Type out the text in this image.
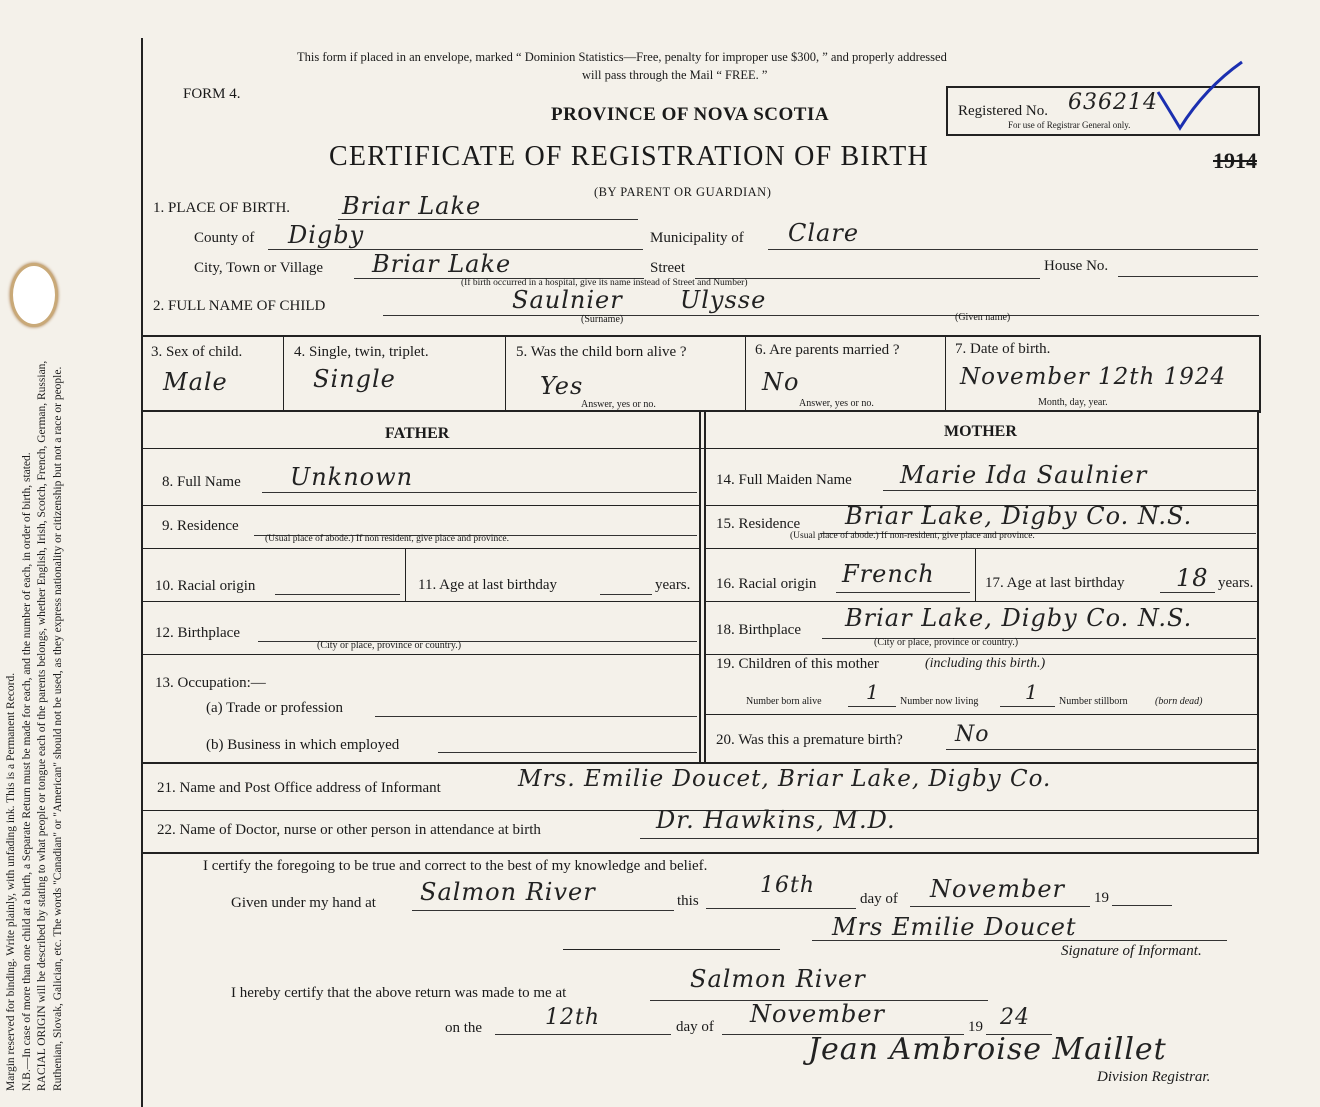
Margin reserved for binding. Write plainly, with unfading ink. This is a Permanent Record. N.B.—In case of more than one child at a birth, a Separate Return must be made for each, and the number of each, in order of birth, stated. RACIAL ORIGIN will be described by stating to what people or tongue each of the parents belongs, whether English, Irish, Scotch, French, German, Russian, Ruthenian, Slovak, Galician, etc. The words "Canadian" or "American" should not be used, as they express nationality or citizenship but not a race or people.
This form if placed in an envelope, marked “ Dominion Statistics—Free, penalty for improper use $300, ” and properly addressed
will pass through the Mail “ FREE. ”
FORM 4.
PROVINCE OF NOVA SCOTIA	Registered No. 636214
For use of Registrar General only.
CERTIFICATE OF REGISTRATION OF BIRTH	1914
(BY PARENT OR GUARDIAN)
1. PLACE OF BIRTH. Briar Lake
County of Digby	Municipality of Clare
City, Town or Village Briar Lake	Street	House No.
(If birth occurred in a hospital, give its name instead of Street and Number)
2. FULL NAME OF CHILD	Saulnier Ulysse
(Surname)	(Given name)
3. Sex of child.
Male
4. Single, twin, triplet.
Single
5. Was the child born alive ?
Yes
Answer, yes or no.
6. Are parents married ?
No
Answer, yes or no.
7. Date of birth.
November 12th 1924
Month, day, year.
FATHER	MOTHER
8. Full Name Unknown
9. Residence
(Usual place of abode.) If non resident, give place and province.
10. Racial origin	11. Age at last birthday	years.
12. Birthplace
(City or place, province or country.)
13. Occupation:—
(a) Trade or profession
(b) Business in which employed
14. Full Maiden Name Marie Ida Saulnier
15. Residence Briar Lake, Digby Co. N.S.
(Usual place of abode.) If non-resident, give place and province.
16. Racial origin French	17. Age at last birthday 18 years.
18. Birthplace Briar Lake, Digby Co. N.S.
(City or place, province or country.)
19. Children of this mother	(including this birth.)
Number born alive 1 Number now living 1 Number stillborn	(born dead)
20. Was this a premature birth? No
21. Name and Post Office address of Informant	Mrs. Emilie Doucet, Briar Lake, Digby Co.
22. Name of Doctor, nurse or other person in attendance at birth	Dr. Hawkins, M.D.
I certify the foregoing to be true and correct to the best of my knowledge and belief.
Given under my hand at Salmon River	this
16th
day of November 19
Mrs Emilie Doucet
Signature of Informant.
I hereby certify that the above return was made to me at	Salmon River
on the	12th	day of November	19 24
Jean Ambroise Maillet
Division Registrar.
